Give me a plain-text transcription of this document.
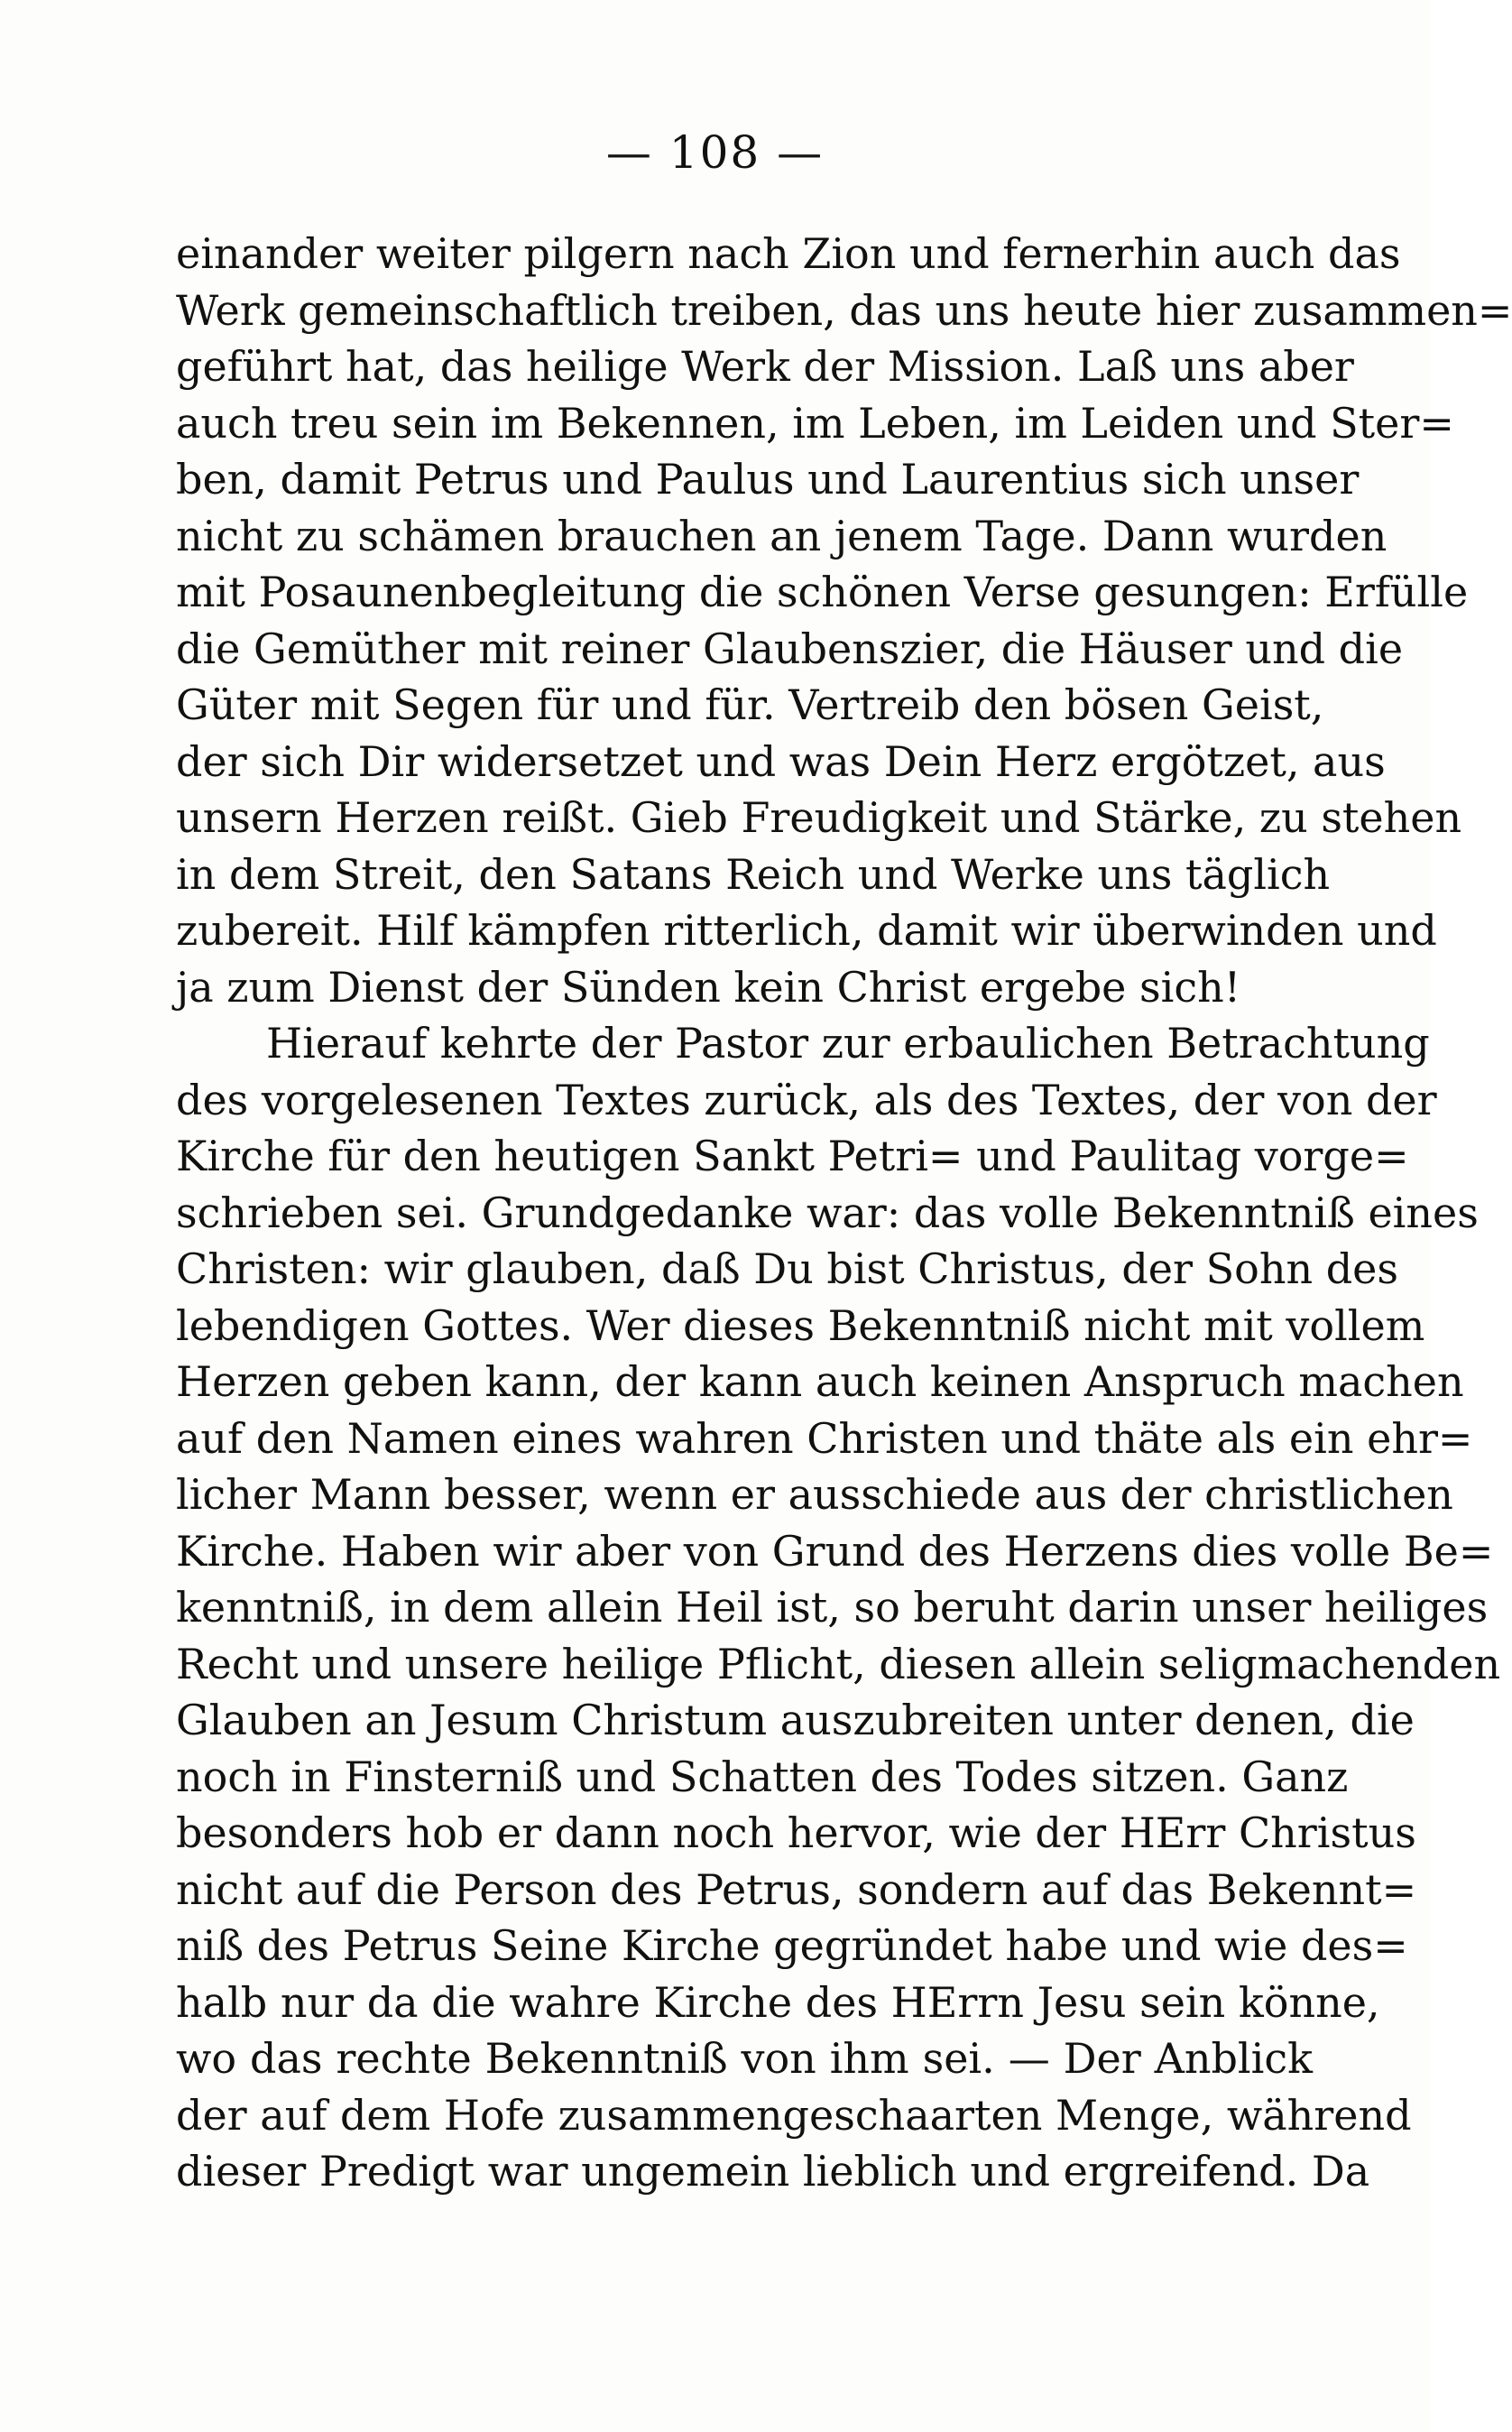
— 108 —
einander weiter pilgern nach Zion und fernerhin auch das
Werk gemeinschaftlich treiben, das uns heute hier zusammen=
geführt hat, das heilige Werk der Mission. Laß uns aber
auch treu sein im Bekennen, im Leben, im Leiden und Ster=
ben, damit Petrus und Paulus und Laurentius sich unser
nicht zu schämen brauchen an jenem Tage. Dann wurden
mit Posaunenbegleitung die schönen Verse gesungen: Erfülle
die Gemüther mit reiner Glaubenszier, die Häuser und die
Güter mit Segen für und für. Vertreib den bösen Geist,
der sich Dir widersetzet und was Dein Herz ergötzet, aus
unsern Herzen reißt. Gieb Freudigkeit und Stärke, zu stehen
in dem Streit, den Satans Reich und Werke uns täglich
zubereit. Hilf kämpfen ritterlich, damit wir überwinden und
ja zum Dienst der Sünden kein Christ ergebe sich!
Hierauf kehrte der Pastor zur erbaulichen Betrachtung
des vorgelesenen Textes zurück, als des Textes, der von der
Kirche für den heutigen Sankt Petri= und Paulitag vorge=
schrieben sei. Grundgedanke war: das volle Bekenntniß eines
Christen: wir glauben, daß Du bist Christus, der Sohn des
lebendigen Gottes. Wer dieses Bekenntniß nicht mit vollem
Herzen geben kann, der kann auch keinen Anspruch machen
auf den Namen eines wahren Christen und thäte als ein ehr=
licher Mann besser, wenn er ausschiede aus der christlichen
Kirche. Haben wir aber von Grund des Herzens dies volle Be=
kenntniß, in dem allein Heil ist, so beruht darin unser heiliges
Recht und unsere heilige Pflicht, diesen allein seligmachenden
Glauben an Jesum Christum auszubreiten unter denen, die
noch in Finsterniß und Schatten des Todes sitzen. Ganz
besonders hob er dann noch hervor, wie der HErr Christus
nicht auf die Person des Petrus, sondern auf das Bekennt=
niß des Petrus Seine Kirche gegründet habe und wie des=
halb nur da die wahre Kirche des HErrn Jesu sein könne,
wo das rechte Bekenntniß von ihm sei. — Der Anblick
der auf dem Hofe zusammengeschaarten Menge, während
dieser Predigt war ungemein lieblich und ergreifend. Da
